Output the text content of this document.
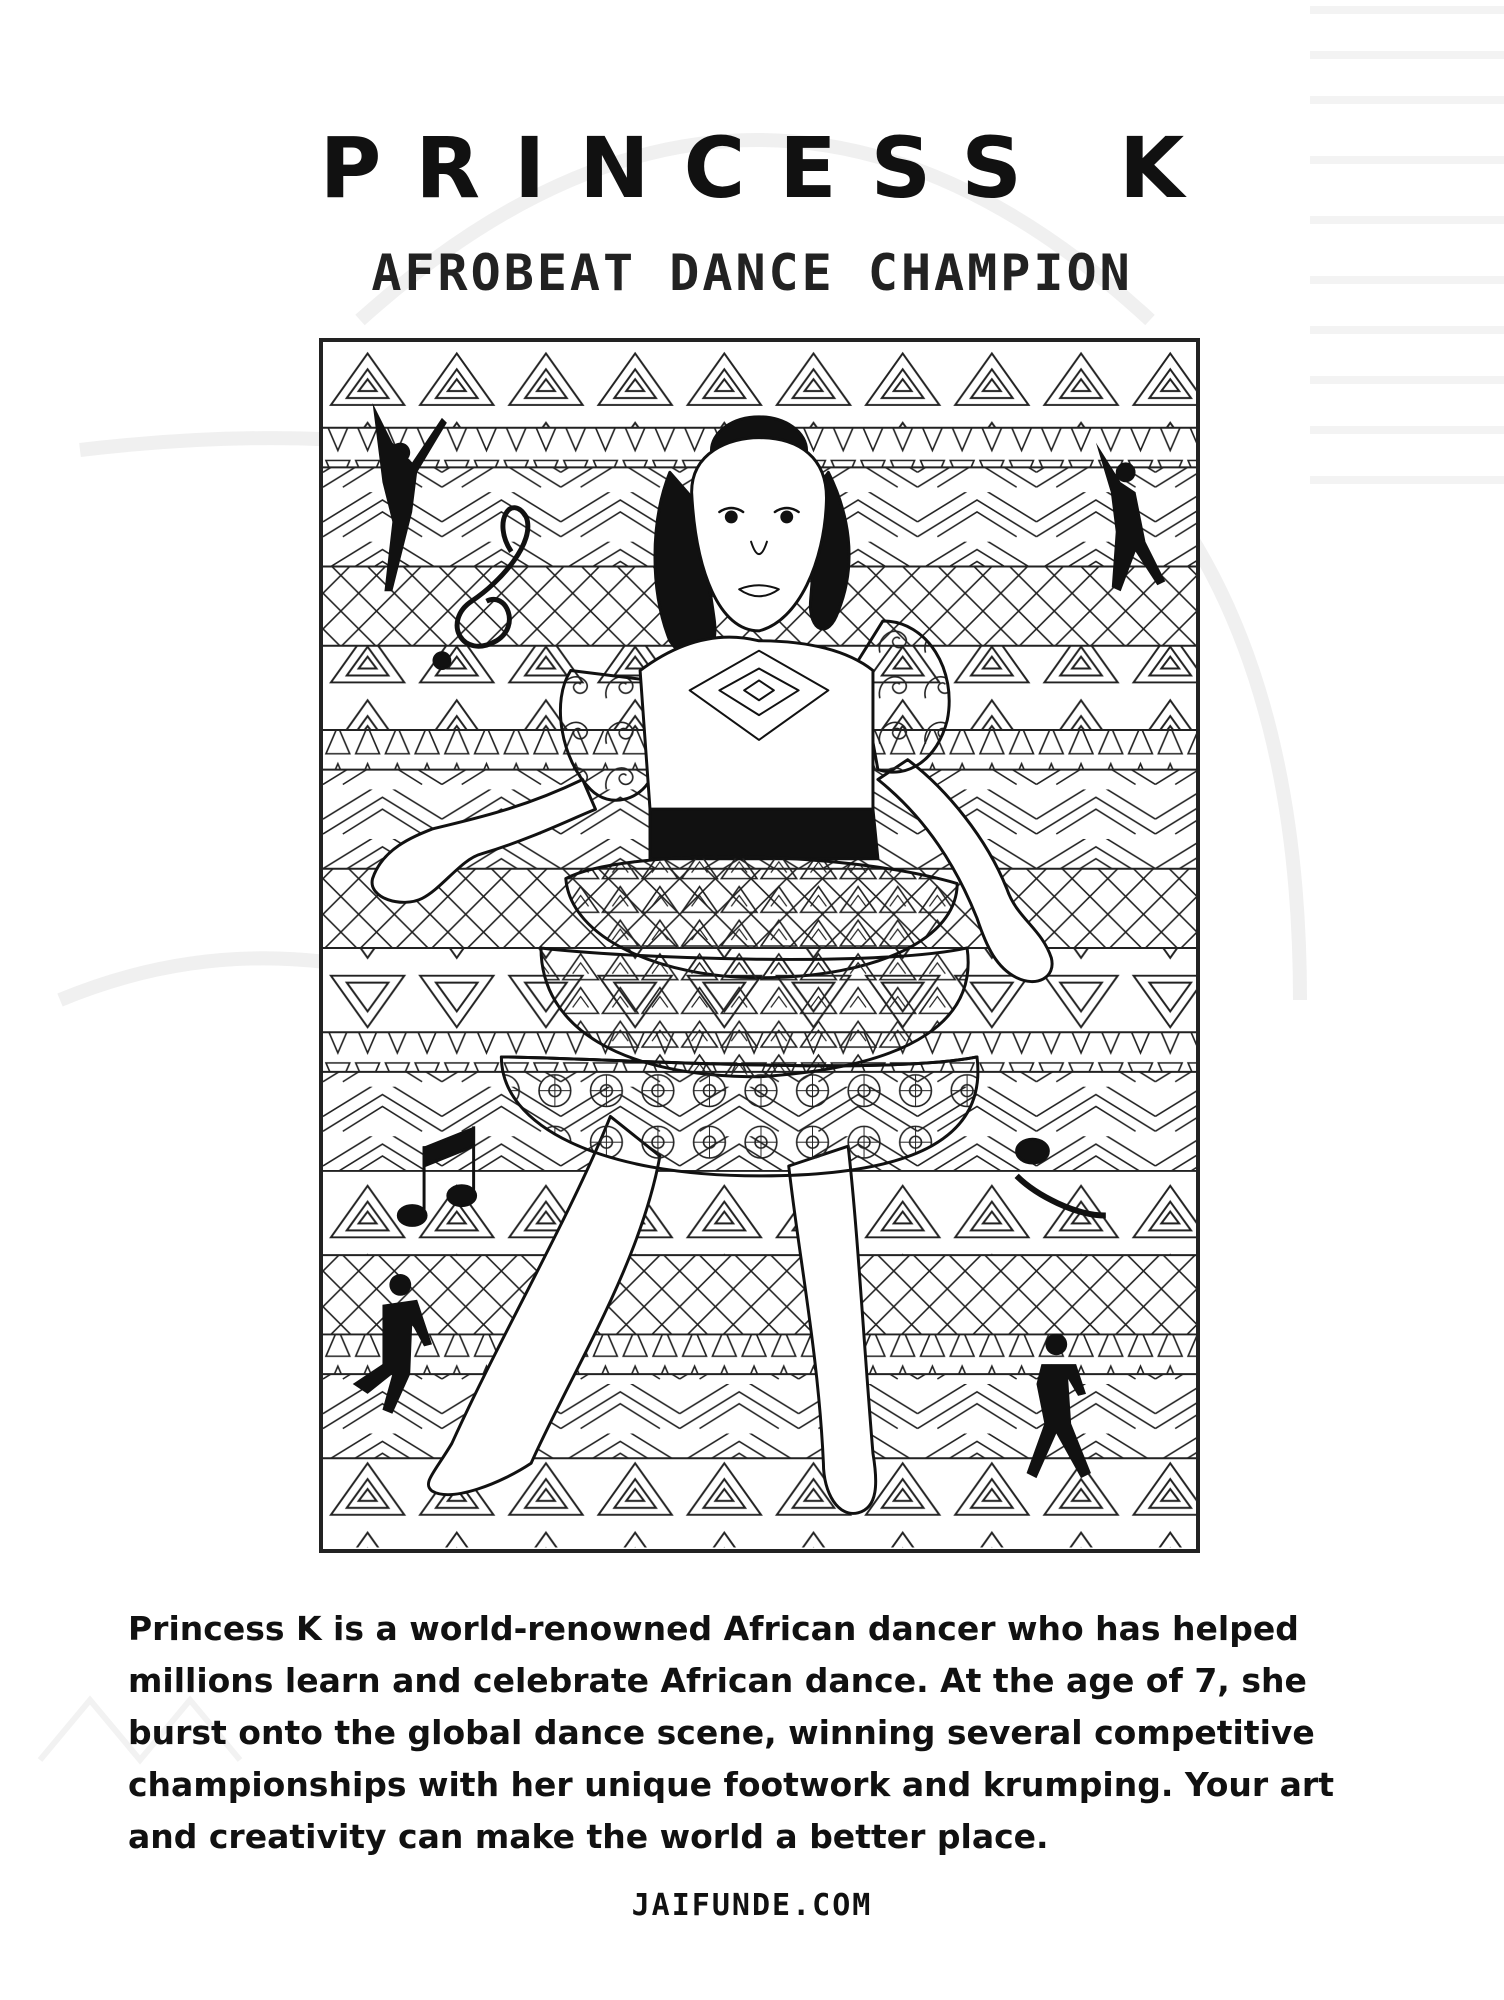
PRINCESS K
AFROBEAT DANCE CHAMPION

Princess K is a world-renowned African dancer who has helped millions learn and celebrate African dance. At the age of 7, she burst onto the global dance scene, winning several competitive championships with her unique footwork and krumping. Your art and creativity can make the world a better place.

JAIFUNDE.COM
